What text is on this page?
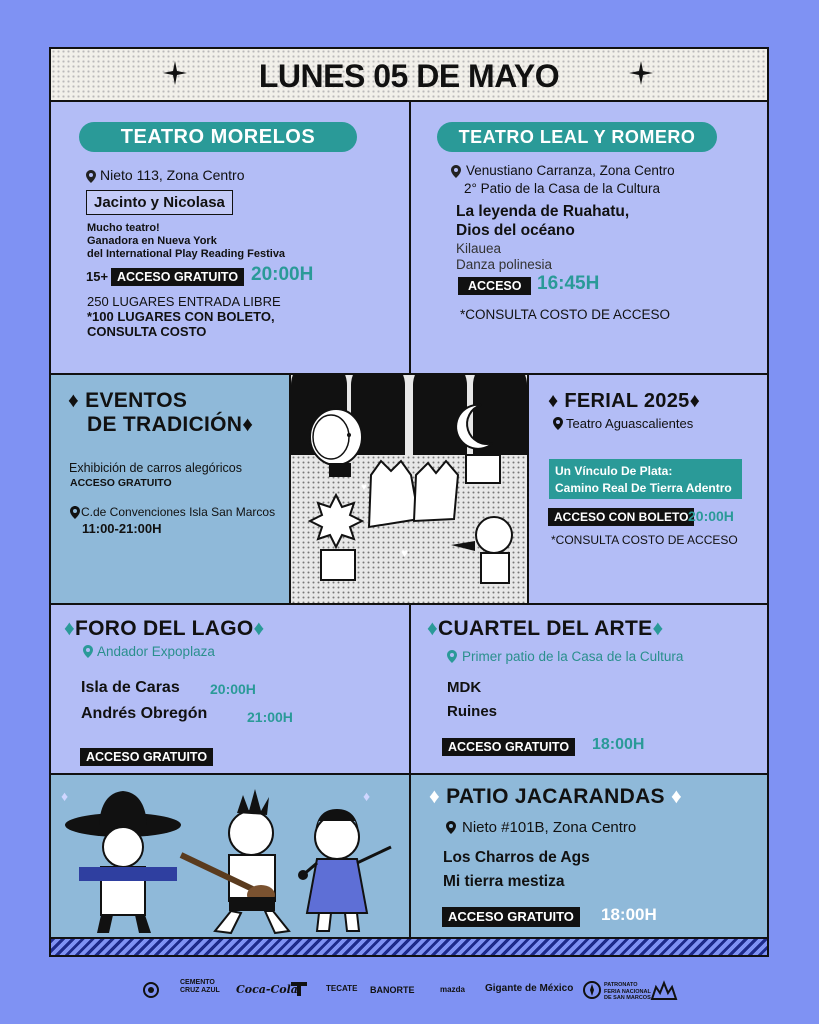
LUNES 05 DE MAYO
TEATRO MORELOS
Nieto 113, Zona Centro
Jacinto y Nicolasa
Mucho teatro!
Ganadora en Nueva York
del International Play Reading Festiva
15+ ACCESO GRATUITO 20:00H
250 LUGARES ENTRADA LIBRE
*100 LUGARES CON BOLETO,
CONSULTA COSTO
TEATRO LEAL Y ROMERO
Venustiano Carranza, Zona Centro
2° Patio de la Casa de la Cultura
La leyenda de Ruahatu,
Dios del océano
Kilauea
Danza polinesia
ACCESO 16:45H
*CONSULTA COSTO DE ACCESO
♦ EVENTOS
DE TRADICIÓN♦
Exhibición de carros alegóricos
ACCESO GRATUITO
C.de Convenciones Isla San Marcos
11:00-21:00H
♥
♥
♦ FERIAL 2025♦
Teatro Aguascalientes
Un Vínculo De Plata:
Camino Real De Tierra Adentro
ACCESO CON BOLETO 20:00H
*CONSULTA COSTO DE ACCESO
♦FORO DEL LAGO♦
Andador Expoplaza
Isla de Caras 20:00H
Andrés Obregón	21:00H
ACCESO GRATUITO
♦CUARTEL DEL ARTE♦
Primer patio de la Casa de la Cultura
MDK
Ruines
ACCESO GRATUITO	18:00H
♦	♦	♦ PATIO JACARANDAS ♦
Nieto #101B, Zona Centro
Los Charros de Ags
Mi tierra mestiza
ACCESO GRATUITO	18:00H
CEMENTO CRUZ AZUL Coca-Cola	TECATE BANORTE	mazda Gigante de México	PATRONATO FERIA NACIONAL DE SAN MARCOS
